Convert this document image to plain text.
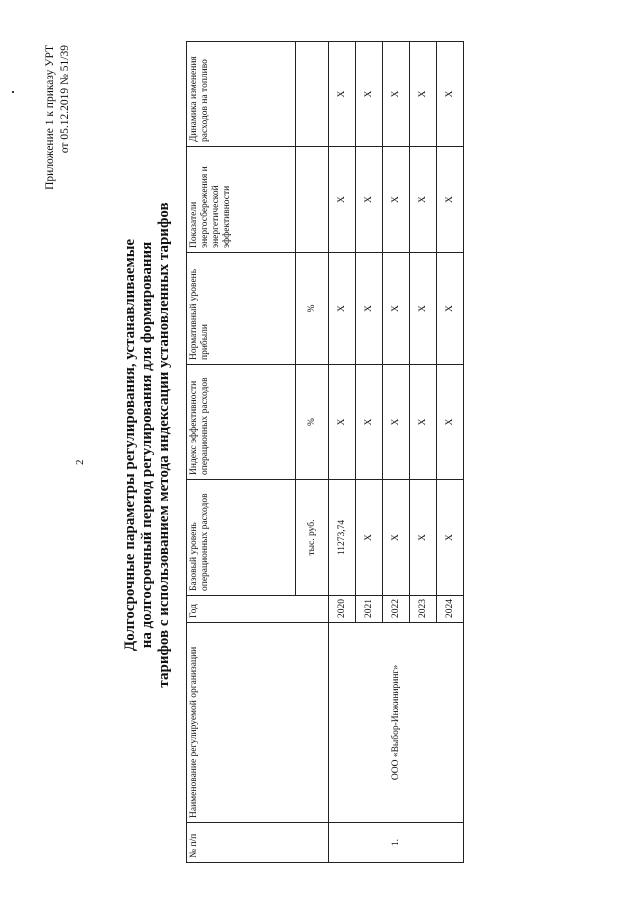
2
Приложение 1 к приказу УРТ от 05.12.2019 № 51/39
Долгосрочные параметры регулирования, устанавливаемые на долгосрочный период регулирования для формирования тарифов с использованием метода индексации установленных тарифов
№ п/п	Наименование регулируемой организации	Год	Базовый уровень операционных расходов	Индекс эффективности операционных расходов	Нормативный уровень прибыли	Показатели энергосбережения и энергетической эффективности	Динамика изменения расходов на топливо
			тыс. руб.	%	%		
1.	ООО «Выбор-Инжиниринг»	2020	11273,74	Х	Х	Х	Х
		2021	Х	Х	Х	Х	Х
		2022	Х	Х	Х	Х	Х
		2023	Х	Х	Х	Х	Х
		2024	Х	Х	Х	Х	Х
